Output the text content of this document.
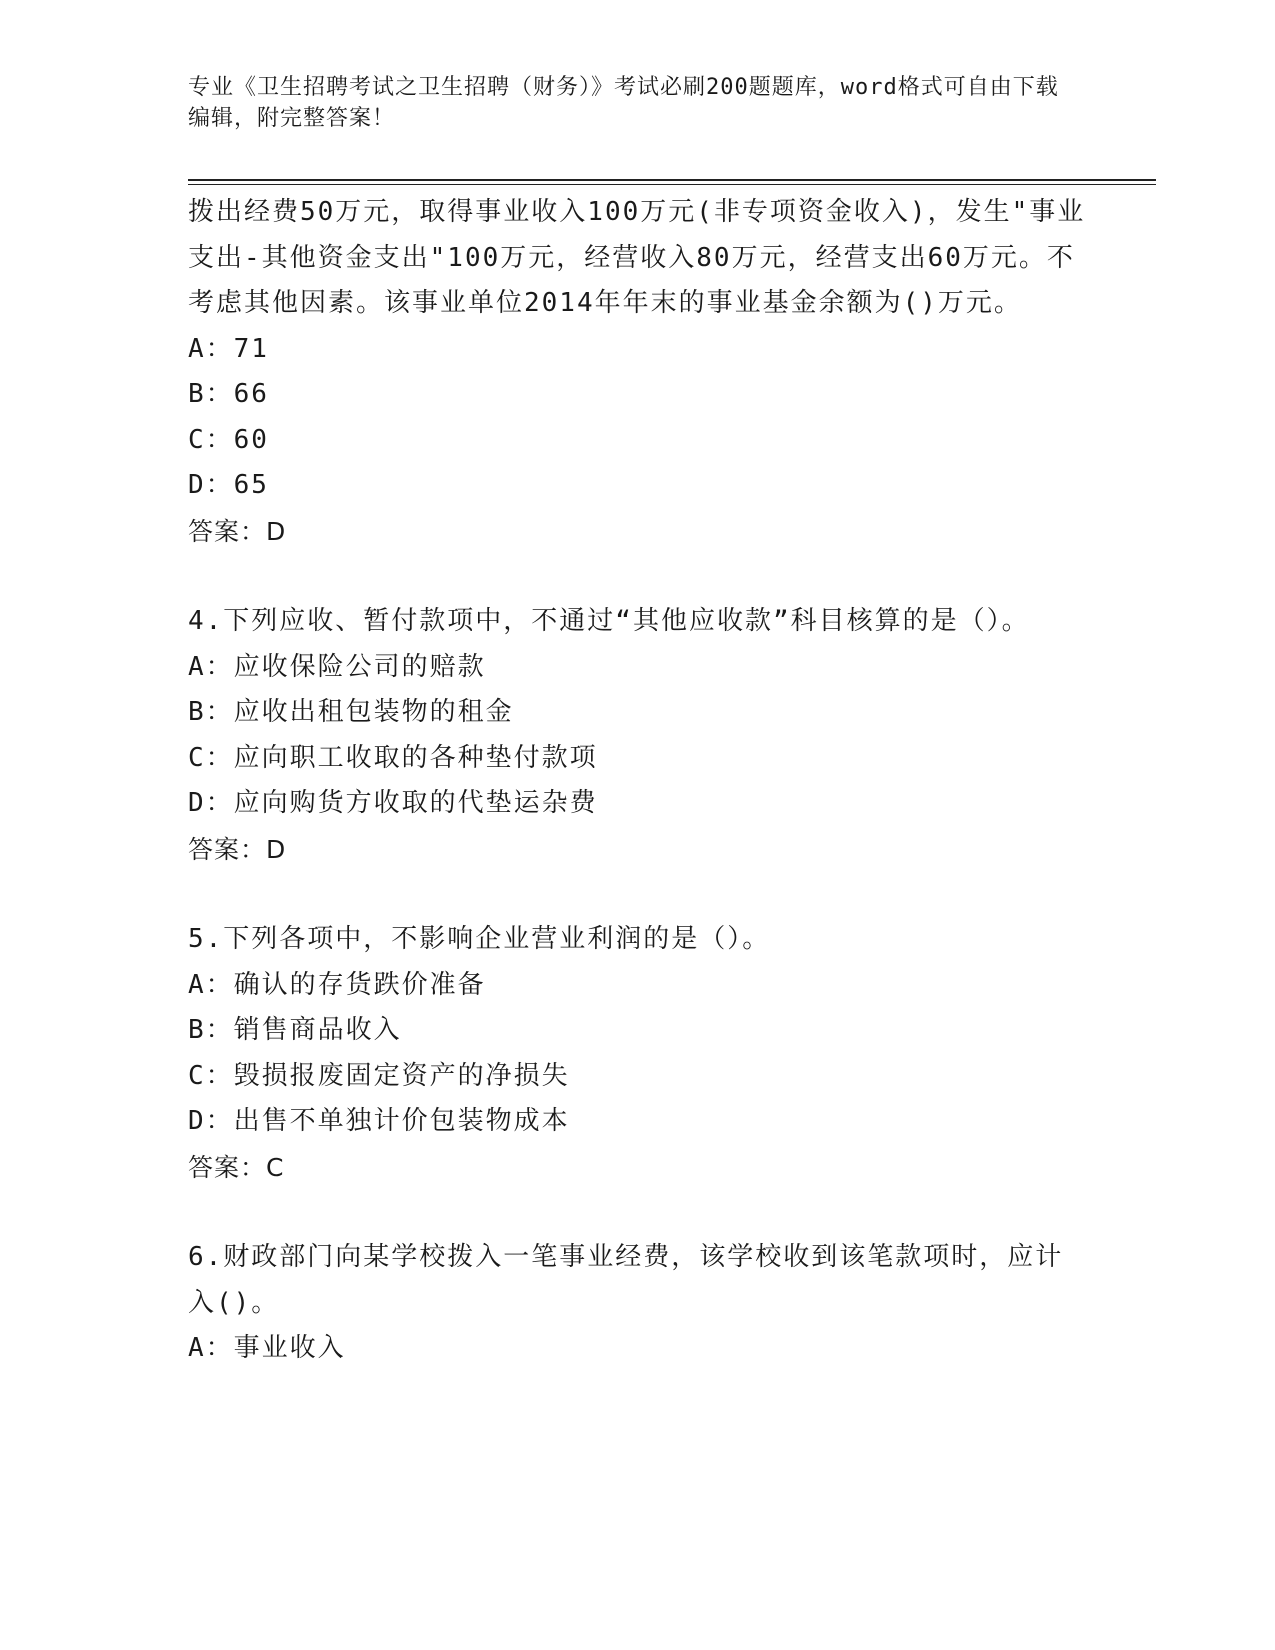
专业《卫生招聘考试之卫生招聘（财务）》考试必刷200题题库，word格式可自由下载编辑，附完整答案！
拨出经费50万元，取得事业收入100万元(非专项资金收入)，发生"事业支出-其他资金支出"100万元，经营收入80万元，经营支出60万元。不考虑其他因素。该事业单位2014年年末的事业基金余额为()万元。
A：71
B：66
C：60
D：65
答案：D
4.下列应收、暂付款项中，不通过“其他应收款”科目核算的是（）。
A：应收保险公司的赔款
B：应收出租包装物的租金
C：应向职工收取的各种垫付款项
D：应向购货方收取的代垫运杂费
答案：D
5.下列各项中，不影响企业营业利润的是（）。
A：确认的存货跌价准备
B：销售商品收入
C：毁损报废固定资产的净损失
D：出售不单独计价包装物成本
答案：C
6.财政部门向某学校拨入一笔事业经费，该学校收到该笔款项时，应计入()。
A：事业收入
